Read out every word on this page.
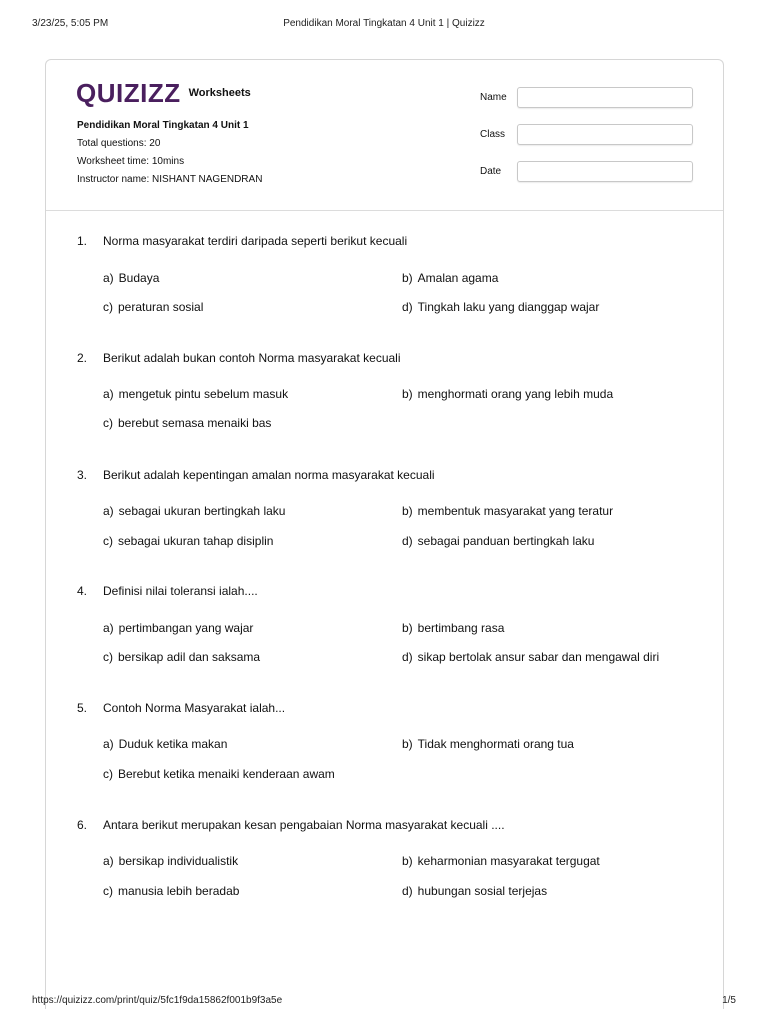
3/23/25, 5:05 PM	Pendidikan Moral Tingkatan 4 Unit 1 | Quizizz
QUIZIZZ Worksheets
Pendidikan Moral Tingkatan 4 Unit 1
Total questions: 20
Worksheet time: 10mins
Instructor name: NISHANT NAGENDRAN
Name
Class
Date
1. Norma masyarakat terdiri daripada seperti berikut kecuali
a) Budaya	b) Amalan agama
c) peraturan sosial	d) Tingkah laku yang dianggap wajar
2. Berikut adalah bukan contoh Norma masyarakat kecuali
a) mengetuk pintu sebelum masuk	b) menghormati orang yang lebih muda
c) berebut semasa menaiki bas
3. Berikut adalah kepentingan amalan norma masyarakat kecuali
a) sebagai ukuran bertingkah laku	b) membentuk masyarakat yang teratur
c) sebagai ukuran tahap disiplin	d) sebagai panduan bertingkah laku
4. Definisi nilai toleransi ialah....
a) pertimbangan yang wajar	b) bertimbang rasa
c) bersikap adil dan saksama	d) sikap bertolak ansur sabar dan mengawal diri
5. Contoh Norma Masyarakat ialah...
a) Duduk ketika makan	b) Tidak menghormati orang tua
c) Berebut ketika menaiki kenderaan awam
6. Antara berikut merupakan kesan pengabaian Norma masyarakat kecuali ....
a) bersikap individualistik	b) keharmonian masyarakat tergugat
c) manusia lebih beradab	d) hubungan sosial terjejas
https://quizizz.com/print/quiz/5fc1f9da15862f001b9f3a5e	1/5
